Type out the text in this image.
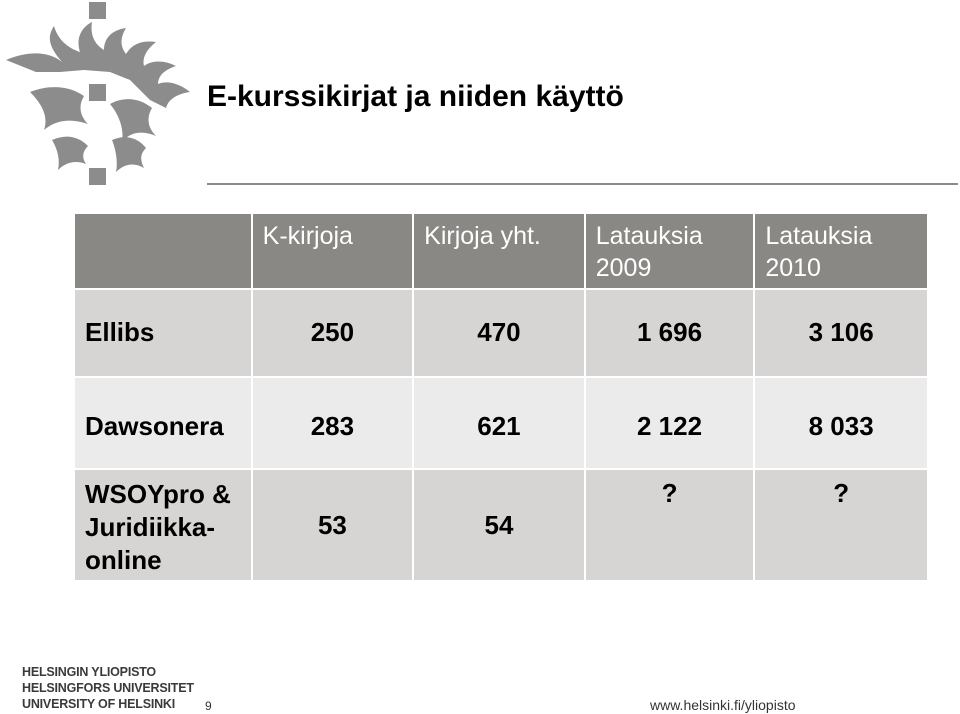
E-kurssikirjat ja niiden käyttö
	K-kirjoja	Kirjoja yht.	Latauksia 2009	Latauksia 2010
Ellibs	250	470	1 696	3 106
Dawsonera	283	621	2 122	8 033
WSOYpro & Juridiikka-online	53	54	?	?
HELSINGIN YLIOPISTO
HELSINGFORS UNIVERSITET
UNIVERSITY OF HELSINKI	9	www.helsinki.fi/yliopisto
